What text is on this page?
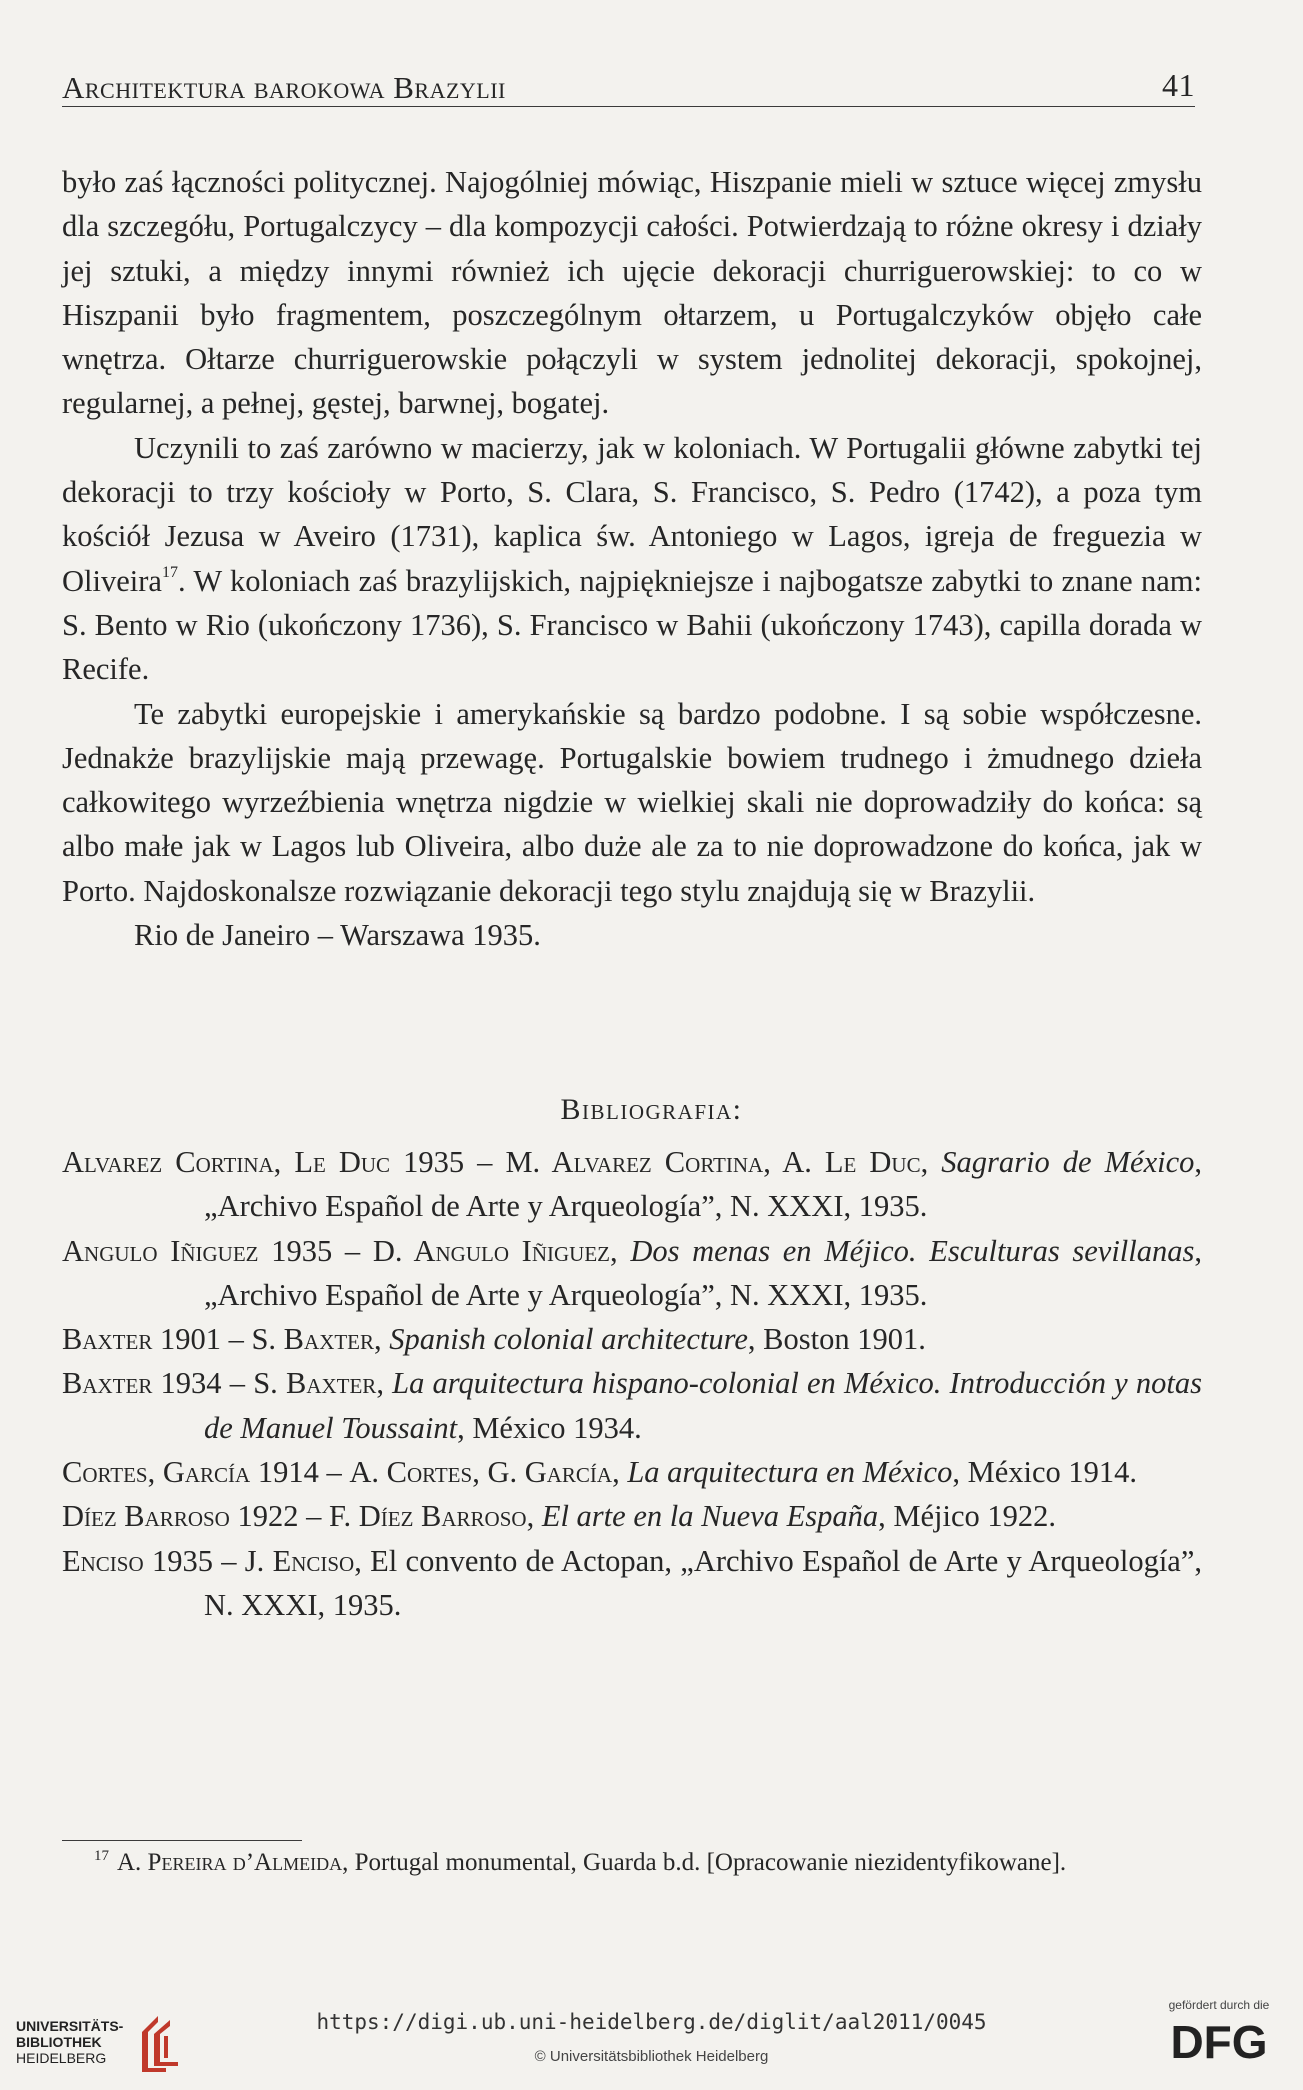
Architektura barokowa Brazylii	41

było zaś łączności politycznej. Najogólniej mówiąc, Hiszpanie mieli w sztuce więcej zmysłu dla szczegółu, Portugalczycy – dla kompozycji całości. Potwierdzają to różne okresy i działy jej sztuki, a między innymi również ich ujęcie dekoracji churriguerowskiej: to co w Hiszpanii było fragmentem, poszczególnym ołtarzem, u Portugalczyków objęło całe wnętrza. Ołtarze churriguerowskie połączyli w system jednolitej dekoracji, spokojnej, regularnej, a pełnej, gęstej, barwnej, bogatej.

Uczynili to zaś zarówno w macierzy, jak w koloniach. W Portugalii główne zabytki tej dekoracji to trzy kościoły w Porto, S. Clara, S. Francisco, S. Pedro (1742), a poza tym kościół Jezusa w Aveiro (1731), kaplica św. Antoniego w Lagos, igreja de freguezia w Oliveira$^{17}$. W koloniach zaś brazylijskich, najpiękniejsze i najbogatsze zabytki to znane nam: S. Bento w Rio (ukończony 1736), S. Francisco w Bahii (ukończony 1743), capilla dorada w Recife.

Te zabytki europejskie i amerykańskie są bardzo podobne. I są sobie współczesne. Jednakże brazylijskie mają przewagę. Portugalskie bowiem trudnego i żmudnego dzieła całkowitego wyrzeźbienia wnętrza nigdzie w wielkiej skali nie doprowadziły do końca: są albo małe jak w Lagos lub Oliveira, albo duże ale za to nie doprowadzone do końca, jak w Porto. Najdoskonalsze rozwiązanie dekoracji tego stylu znajdują się w Brazylii.

Rio de Janeiro – Warszawa 1935.

Bibliografia:

Alvarez Cortina, Le Duc 1935 – M. Alvarez Cortina, A. Le Duc, Sagrario de México, „Archivo Español de Arte y Arqueología”, N. XXXI, 1935.

Angulo Iñiguez 1935 – D. Angulo Iñiguez, Dos menas en Méjico. Esculturas sevillanas, „Archivo Español de Arte y Arqueología”, N. XXXI, 1935.

Baxter 1901 – S. Baxter, Spanish colonial architecture, Boston 1901.

Baxter 1934 – S. Baxter, La arquitectura hispano-colonial en México. Introducción y notas de Manuel Toussaint, México 1934.

Cortes, García 1914 – A. Cortes, G. García, La arquitectura en México, México 1914.

Díez Barroso 1922 – F. Díez Barroso, El arte en la Nueva España, Méjico 1922.

Enciso 1935 – J. Enciso, El convento de Actopan, „Archivo Español de Arte y Arqueología”, N. XXXI, 1935.

$^{17}$ A. Pereira d’Almeida, Portugal monumental, Guarda b.d. [Opracowanie niezidentyfikowane].
UNIVERSITÄTS-
BIBLIOTHEK
HEIDELBERG
https://digi.ub.uni-heidelberg.de/diglit/aal2011/0045
© Universitätsbibliothek Heidelberg
gefördert durch die
DFG
